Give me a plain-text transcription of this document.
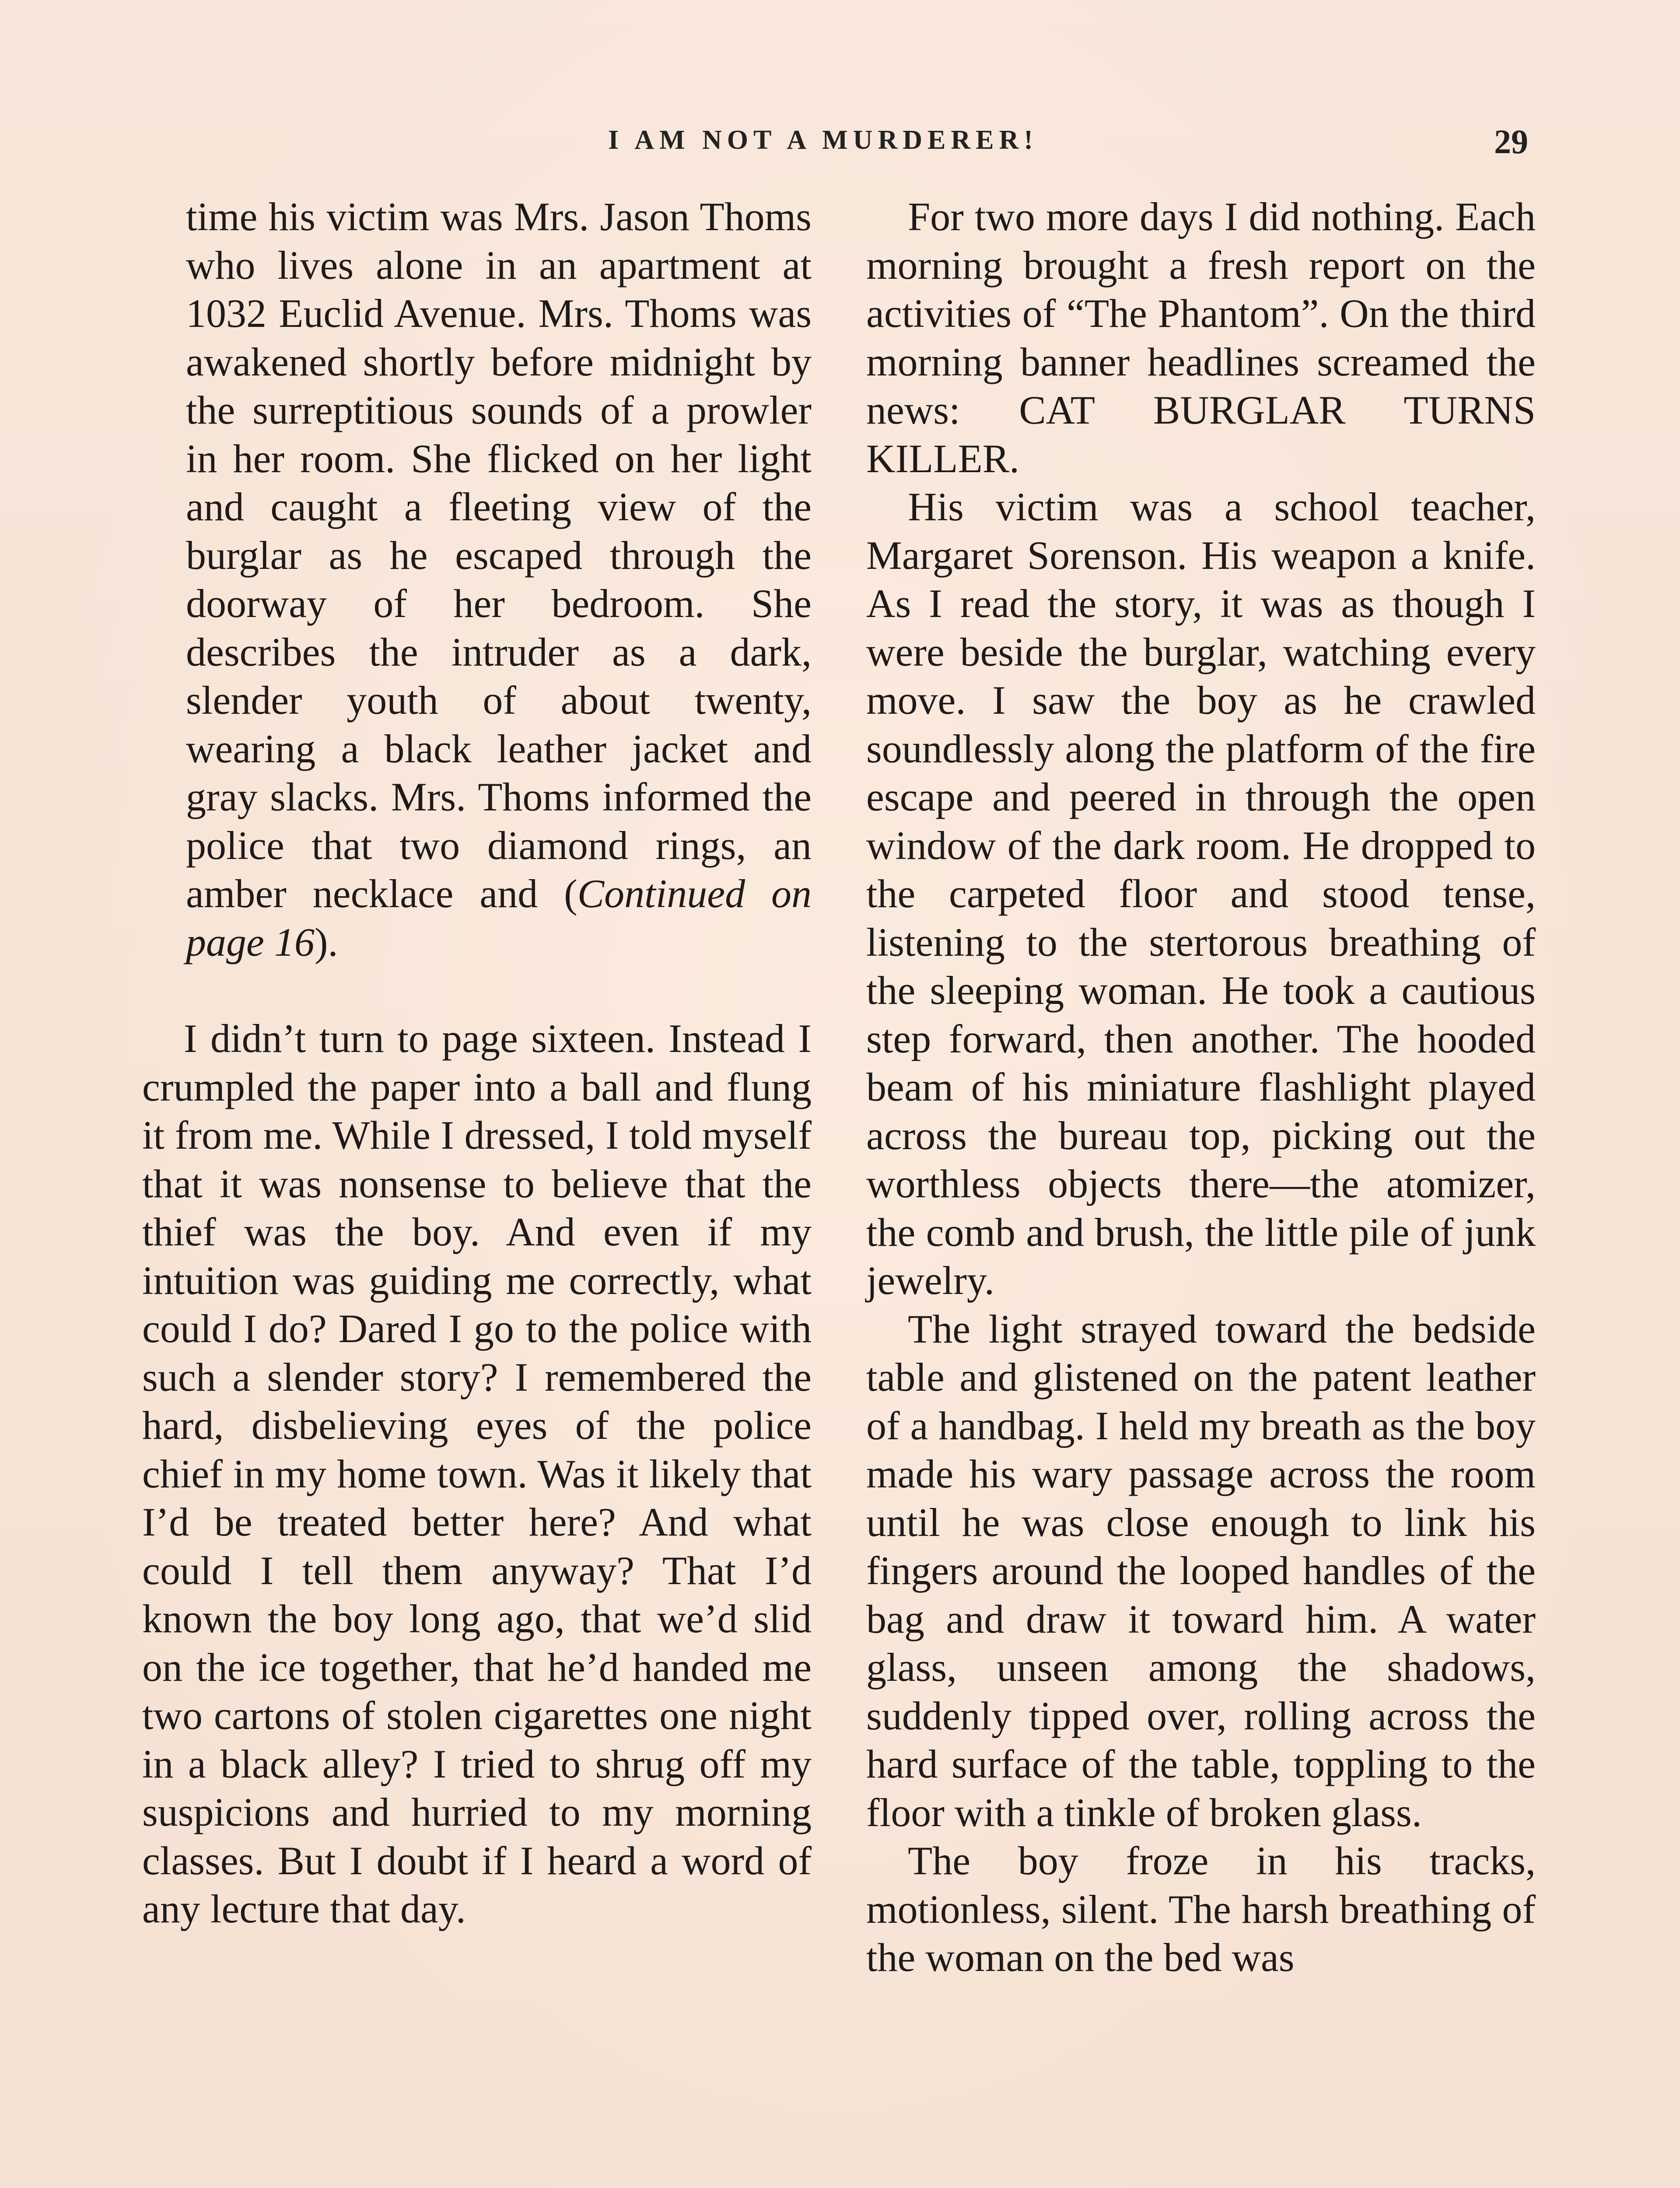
I AM NOT A MURDERER!	29

time his victim was Mrs. Jason Thoms who lives alone in an apartment at 1032 Euclid Avenue. Mrs. Thoms was awakened shortly before midnight by the surreptitious sounds of a prowler in her room. She flicked on her light and caught a fleeting view of the burglar as he escaped through the doorway of her bedroom. She describes the intruder as a dark, slender youth of about twenty, wearing a black leather jacket and gray slacks. Mrs. Thoms informed the police that two diamond rings, an amber necklace and (Continued on page 16).

I didn’t turn to page sixteen. Instead I crumpled the paper into a ball and flung it from me. While I dressed, I told myself that it was nonsense to believe that the thief was the boy. And even if my intuition was guiding me correctly, what could I do? Dared I go to the police with such a slender story? I remembered the hard, disbelieving eyes of the police chief in my home town. Was it likely that I’d be treated better here? And what could I tell them anyway? That I’d known the boy long ago, that we’d slid on the ice together, that he’d handed me two cartons of stolen cigarettes one night in a black alley? I tried to shrug off my suspicions and hurried to my morning classes. But I doubt if I heard a word of any lecture that day.

For two more days I did nothing. Each morning brought a fresh report on the activities of “The Phantom”. On the third morning banner headlines screamed the news: CAT BURGLAR TURNS KILLER.

His victim was a school teacher, Margaret Sorenson. His weapon a knife. As I read the story, it was as though I were beside the burglar, watching every move. I saw the boy as he crawled soundlessly along the platform of the fire escape and peered in through the open window of the dark room. He dropped to the carpeted floor and stood tense, listening to the stertorous breathing of the sleeping woman. He took a cautious step forward, then another. The hooded beam of his miniature flashlight played across the bureau top, picking out the worthless objects there—the atomizer, the comb and brush, the little pile of junk jewelry.

The light strayed toward the bedside table and glistened on the patent leather of a handbag. I held my breath as the boy made his wary passage across the room until he was close enough to link his fingers around the looped handles of the bag and draw it toward him. A water glass, unseen among the shadows, suddenly tipped over, rolling across the hard surface of the table, toppling to the floor with a tinkle of broken glass.

The boy froze in his tracks, motionless, silent. The harsh breathing of the woman on the bed was
